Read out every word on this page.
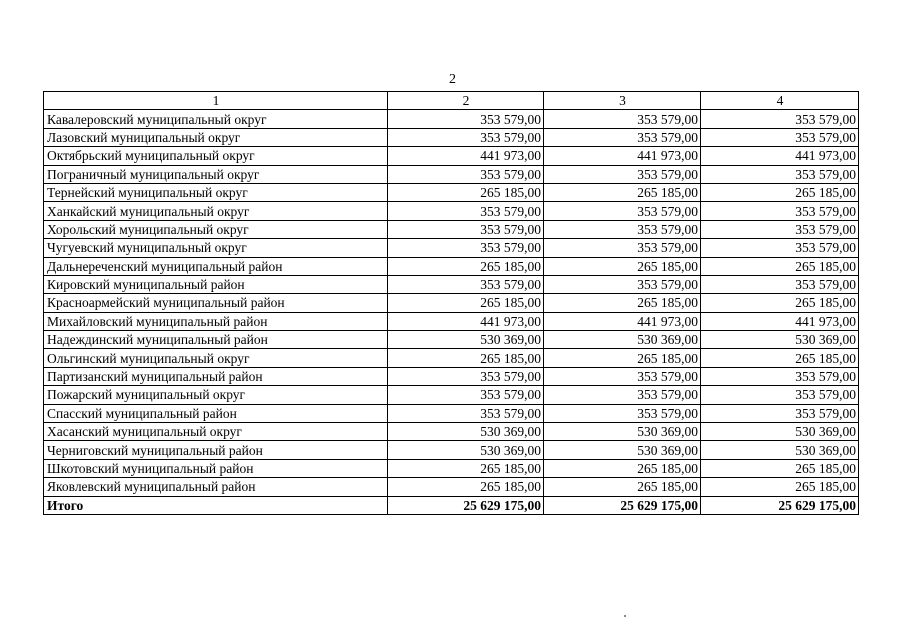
2
1	2	3	4
Кавалеровский муниципальный округ	353 579,00	353 579,00	353 579,00
Лазовский муниципальный округ	353 579,00	353 579,00	353 579,00
Октябрьский муниципальный округ	441 973,00	441 973,00	441 973,00
Пограничный муниципальный округ	353 579,00	353 579,00	353 579,00
Тернейский муниципальный округ	265 185,00	265 185,00	265 185,00
Ханкайский муниципальный округ	353 579,00	353 579,00	353 579,00
Хорольский муниципальный округ	353 579,00	353 579,00	353 579,00
Чугуевский муниципальный округ	353 579,00	353 579,00	353 579,00
Дальнереченский муниципальный район	265 185,00	265 185,00	265 185,00
Кировский муниципальный район	353 579,00	353 579,00	353 579,00
Красноармейский муниципальный район	265 185,00	265 185,00	265 185,00
Михайловский муниципальный район	441 973,00	441 973,00	441 973,00
Надеждинский муниципальный район	530 369,00	530 369,00	530 369,00
Ольгинский муниципальный округ	265 185,00	265 185,00	265 185,00
Партизанский муниципальный район	353 579,00	353 579,00	353 579,00
Пожарский муниципальный округ	353 579,00	353 579,00	353 579,00
Спасский муниципальный район	353 579,00	353 579,00	353 579,00
Хасанский муниципальный округ	530 369,00	530 369,00	530 369,00
Черниговский муниципальный район	530 369,00	530 369,00	530 369,00
Шкотовский муниципальный район	265 185,00	265 185,00	265 185,00
Яковлевский муниципальный район	265 185,00	265 185,00	265 185,00
Итого	25 629 175,00	25 629 175,00	25 629 175,00
